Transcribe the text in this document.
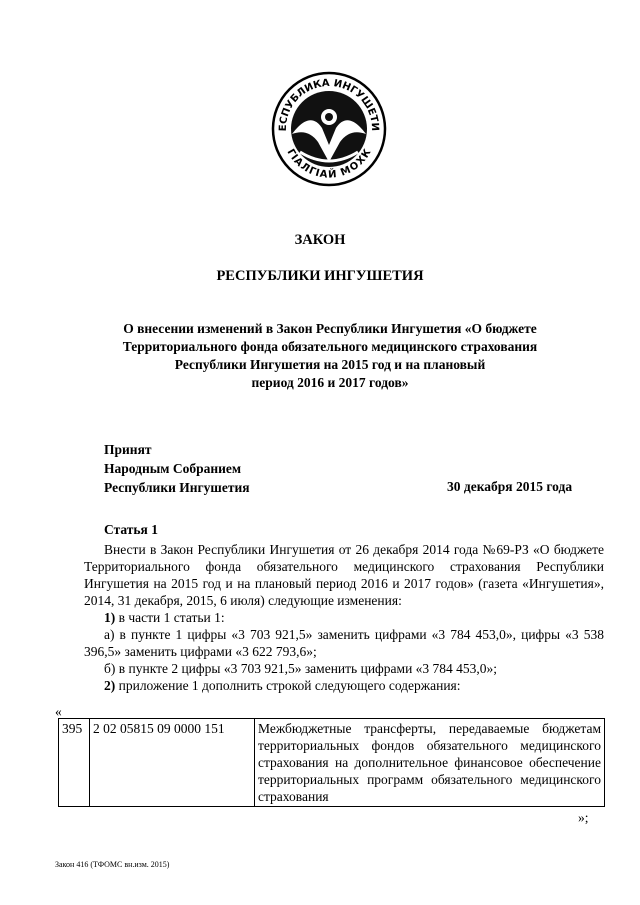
ЕСПУБЛИКА ИНГУШЕТИ
ГIАЛГIАЙ МОХК
ЗАКОН
РЕСПУБЛИКИ ИНГУШЕТИЯ
О внесении изменений в Закон Республики Ингушетия «О бюджете
Территориального фонда обязательного медицинского страхования
Республики Ингушетия на 2015 год и на плановый
период 2016 и 2017 годов»
Принят
Народным Собранием
Республики Ингушетия	30 декабря 2015 года
Статья 1

Внести в Закон Республики Ингушетия от 26 декабря 2014 года №69-РЗ «О бюджете Территориального фонда обязательного медицинского страхования Республики Ингушетия на 2015 год и на плановый период 2016 и 2017 годов» (газета «Ингушетия», 2014, 31 декабря, 2015, 6 июля) следующие изменения:

1) в части 1 статьи 1:

а) в пункте 1 цифры «3 703 921,5» заменить цифрами «3 784 453,0», цифры «3 538 396,5» заменить цифрами «3 622 793,6»;

б) в пункте 2 цифры «3 703 921,5» заменить цифрами «3 784 453,0»;

2) приложение 1 дополнить строкой следующего содержания:

«
395	2 02 05815 09 0000 151	Межбюджетные трансферты, передаваемые бюджетам территориальных фондов обязательного медицинского страхования на дополнительное финансовое обеспечение территориальных программ обязательного медицинского страхования
»;
Закон 416 (ТФОМС вн.изм. 2015)
